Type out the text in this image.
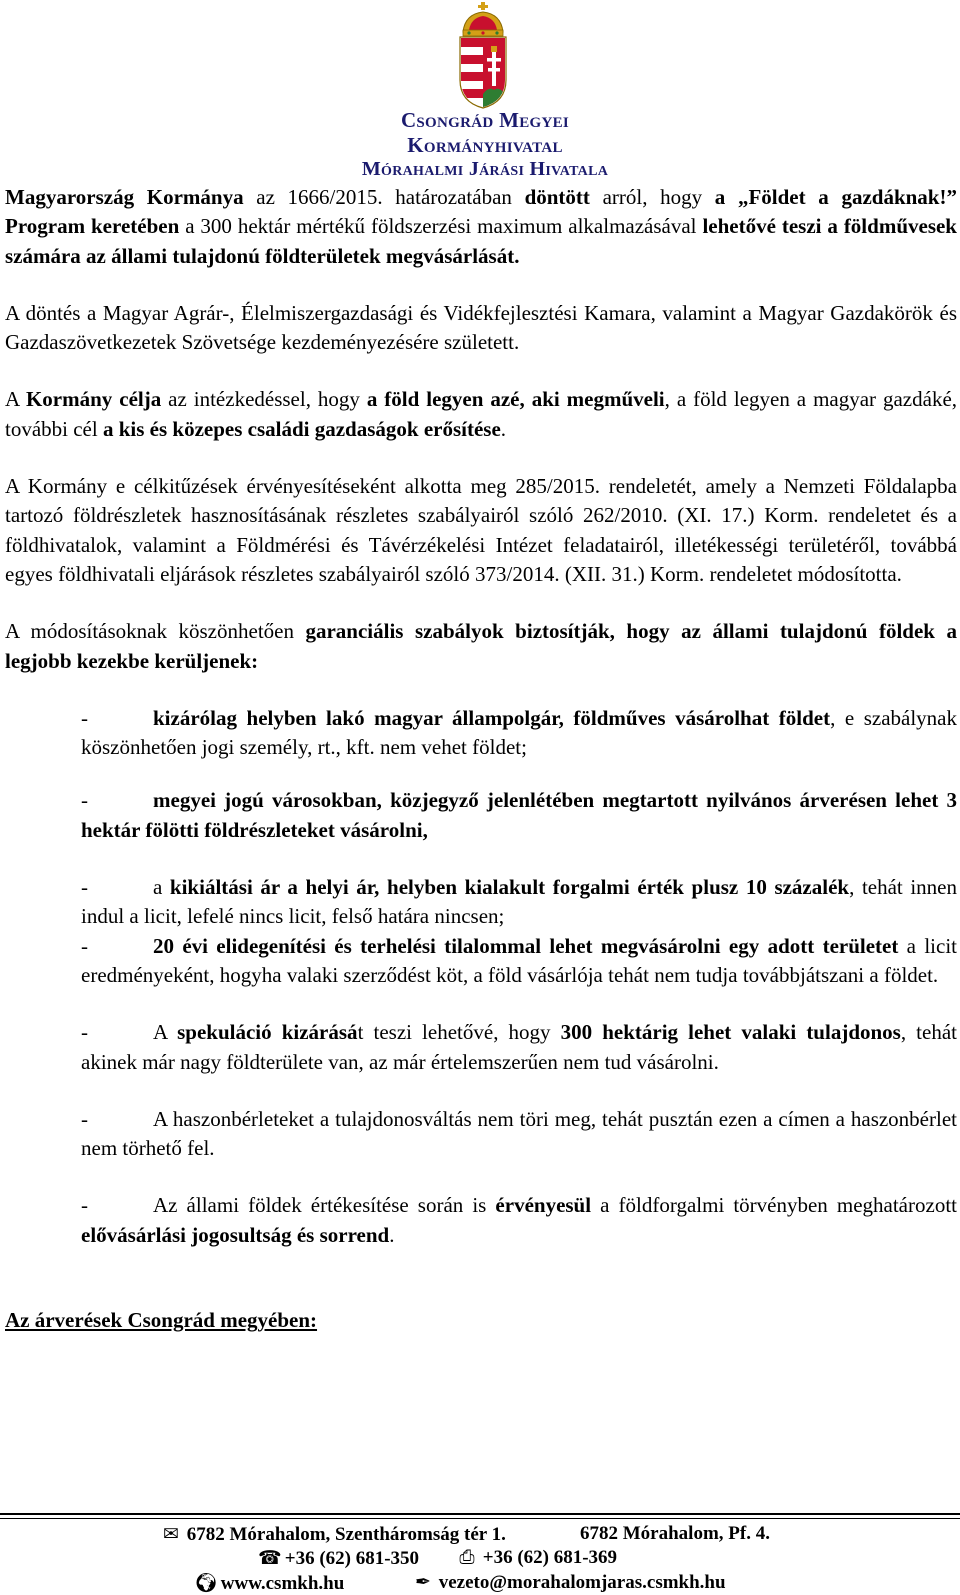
Csongrád Megyei
Kormányhivatal
Mórahalmi Járási Hivatala

Magyarország Kormánya az 1666/2015. határozatában döntött arról, hogy a „Földet a gazdáknak!” Program keretében a 300 hektár mértékű földszerzési maximum alkalmazásával lehetővé teszi a földművesek számára az állami tulajdonú földterületek megvásárlását.

A döntés a Magyar Agrár-, Élelmiszergazdasági és Vidékfejlesztési Kamara, valamint a Magyar Gazdakörök és Gazdaszövetkezetek Szövetsége kezdeményezésére született.

A Kormány célja az intézkedéssel, hogy a föld legyen azé, aki megműveli, a föld legyen a magyar gazdáké, további cél a kis és közepes családi gazdaságok erősítése.

A Kormány e célkitűzések érvényesítéseként alkotta meg 285/2015. rendeletét, amely a Nemzeti Földalapba tartozó földrészletek hasznosításának részletes szabályairól szóló 262/2010. (XI. 17.) Korm. rendeletet és a földhivatalok, valamint a Földmérési és Távérzékelési Intézet feladatairól, illetékességi területéről, továbbá egyes földhivatali eljárások részletes szabályairól szóló 373/2014. (XII. 31.) Korm. rendeletet módosította.

A módosításoknak köszönhetően garanciális szabályok biztosítják, hogy az állami tulajdonú földek a legjobb kezekbe kerüljenek:

-	kizárólag helyben lakó magyar állampolgár, földműves vásárolhat földet, e szabálynak köszönhetően jogi személy, rt., kft. nem vehet földet;

-	megyei jogú városokban, közjegyző jelenlétében megtartott nyilvános árverésen lehet 3 hektár fölötti földrészleteket vásárolni,

-	a kikiáltási ár a helyi ár, helyben kialakult forgalmi érték plusz 10 százalék, tehát innen indul a licit, lefelé nincs licit, felső határa nincsen;

-	20 évi elidegenítési és terhelési tilalommal lehet megvásárolni egy adott területet a licit eredményeként, hogyha valaki szerződést köt, a föld vásárlója tehát nem tudja továbbjátszani a földet.

-	A spekuláció kizárását teszi lehetővé, hogy 300 hektárig lehet valaki tulajdonos, tehát akinek már nagy földterülete van, az már értelemszerűen nem tud vásárolni.

-	A haszonbérleteket a tulajdonosváltás nem töri meg, tehát pusztán ezen a címen a haszonbérlet nem törhető fel.

-	Az állami földek értékesítése során is érvényesül a földforgalmi törvényben meghatározott elővásárlási jogosultság és sorrend.

Az árverések Csongrád megyében:

✉ 6782 Mórahalom, Szentháromság tér 1.	6782 Mórahalom, Pf. 4.
☎ +36 (62) 681-350 ⎙ +36 (62) 681-369
🌍︎ www.csmkh.hu	✒ vezeto@morahalomjaras.csmkh.hu
